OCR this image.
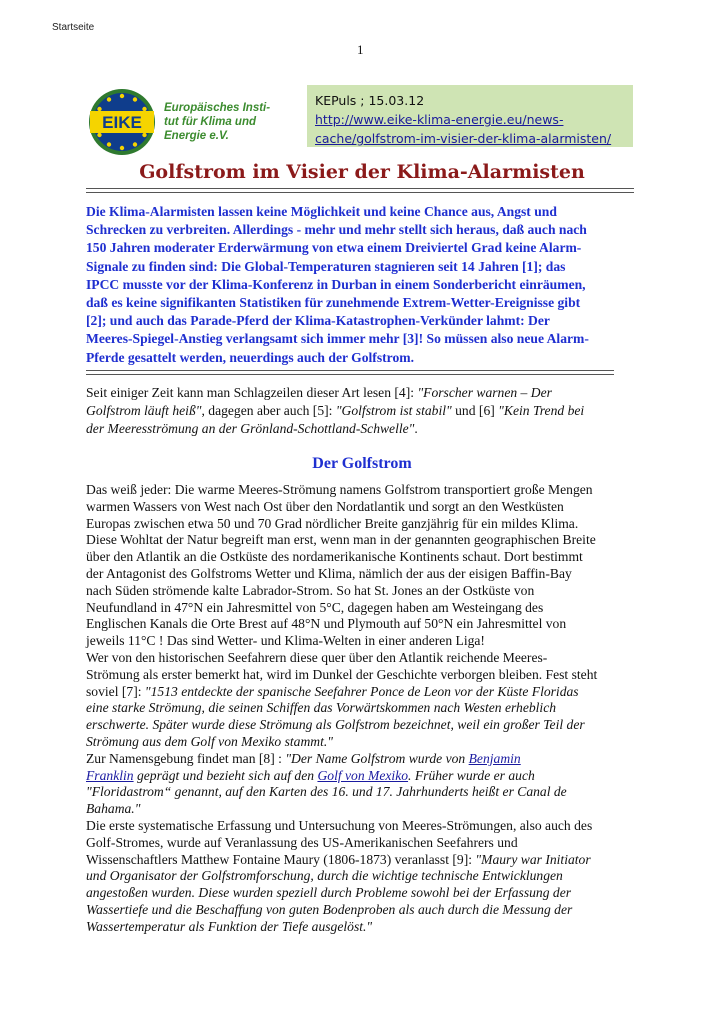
Startseite
1
EIKE
Europäisches Insti-
tut für Klima und
Energie e.V.
KEPuls ; 15.03.12
http://www.eike-klima-energie.eu/news-
cache/golfstrom-im-visier-der-klima-alarmisten/
Golfstrom im Visier der Klima-Alarmisten
Die Klima-Alarmisten lassen keine Möglichkeit und keine Chance aus, Angst und
Schrecken zu verbreiten. Allerdings - mehr und mehr stellt sich heraus, daß auch nach
150 Jahren moderater Erderwärmung von etwa einem Dreiviertel Grad keine Alarm-
Signale zu finden sind: Die Global-Temperaturen stagnieren seit 14 Jahren [1]; das
IPCC musste vor der Klima-Konferenz in Durban in einem Sonderbericht einräumen,
daß es keine signifikanten Statistiken für zunehmende Extrem-Wetter-Ereignisse gibt
[2]; und auch das Parade-Pferd der Klima-Katastrophen-Verkünder lahmt: Der
Meeres-Spiegel-Anstieg verlangsamt sich immer mehr [3]! So müssen also neue Alarm-
Pferde gesattelt werden, neuerdings auch der Golfstrom.
Seit einiger Zeit kann man Schlagzeilen dieser Art lesen [4]: "Forscher warnen – Der
Golfstrom läuft heiß", dagegen aber auch [5]: "Golfstrom ist stabil" und [6] "Kein Trend bei
der Meeresströmung an der Grönland-Schottland-Schwelle".
Der Golfstrom

Das weiß jeder: Die warme Meeres-Strömung namens Golfstrom transportiert große Mengen
warmen Wassers von West nach Ost über den Nordatlantik und sorgt an den Westküsten
Europas zwischen etwa 50 und 70 Grad nördlicher Breite ganzjährig für ein mildes Klima.
Diese Wohltat der Natur begreift man erst, wenn man in der genannten geographischen Breite
über den Atlantik an die Ostküste des nordamerikanische Kontinents schaut. Dort bestimmt
der Antagonist des Golfstroms Wetter und Klima, nämlich der aus der eisigen Baffin-Bay
nach Süden strömende kalte Labrador-Strom. So hat St. Jones an der Ostküste von
Neufundland in 47°N ein Jahresmittel von 5°C, dagegen haben am Westeingang des
Englischen Kanals die Orte Brest auf 48°N und Plymouth auf 50°N ein Jahresmittel von
jeweils 11°C ! Das sind Wetter- und Klima-Welten in einer anderen Liga!
Wer von den historischen Seefahrern diese quer über den Atlantik reichende Meeres-
Strömung als erster bemerkt hat, wird im Dunkel der Geschichte verborgen bleiben. Fest steht
soviel [7]: "1513 entdeckte der spanische Seefahrer Ponce de Leon vor der Küste Floridas
eine starke Strömung, die seinen Schiffen das Vorwärtskommen nach Westen erheblich
erschwerte. Später wurde diese Strömung als Golfstrom bezeichnet, weil ein großer Teil der
Strömung aus dem Golf von Mexiko stammt."
Zur Namensgebung findet man [8] : "Der Name Golfstrom wurde von Benjamin
Franklin geprägt und bezieht sich auf den Golf von Mexiko. Früher wurde er auch
"Floridastrom“ genannt, auf den Karten des 16. und 17. Jahrhunderts heißt er Canal de
Bahama."
Die erste systematische Erfassung und Untersuchung von Meeres-Strömungen, also auch des
Golf-Stromes, wurde auf Veranlassung des US-Amerikanischen Seefahrers und
Wissenschaftlers Matthew Fontaine Maury (1806-1873) veranlasst [9]: "Maury war Initiator
und Organisator der Golfstromforschung, durch die wichtige technische Entwicklungen
angestoßen wurden. Diese wurden speziell durch Probleme sowohl bei der Erfassung der
Wassertiefe und die Beschaffung von guten Bodenproben als auch durch die Messung der
Wassertemperatur als Funktion der Tiefe ausgelöst."
